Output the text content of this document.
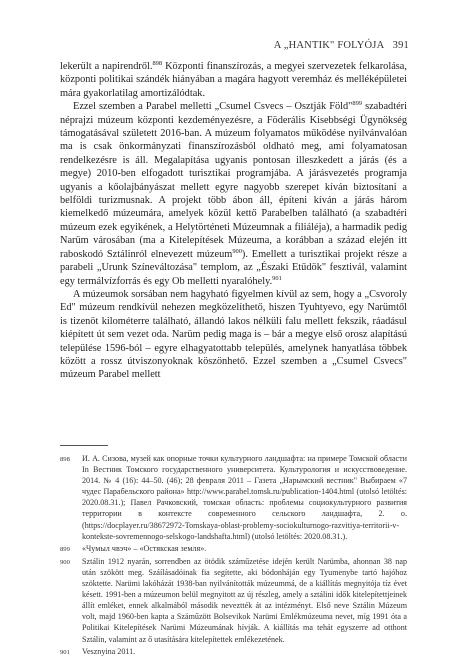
A „HANTIK" FOLYÓJA 391

lekerült a napirendről.$^{898}$ Központi finanszírozás, a megyei szervezetek felkarolása, központi politikai szándék hiányában a magára hagyott veremház és melléképületei mára gyakorlatilag amortizálódtak.

Ezzel szemben a Parabel melletti „Csumel Csvecs – Osztják Föld"$^{899}$ szabadtéri néprajzi múzeum központi kezdeményezésre, a Föderális Kisebbségi Ügynökség támogatásával született 2016-ban. A múzeum folyamatos működése nyilvánvalóan ma is csak önkormányzati finanszírozásból oldható meg, ami folyamatosan rendelkezésre is áll. Megalapítása ugyanis pontosan illeszkedett a járás (és a megye) 2010-ben elfogadott turisztikai programjába. A járásvezetés programja ugyanis a kőolajbányászat mellett egyre nagyobb szerepet kíván biztosítani a belföldi turizmusnak. A projekt több ábon áll, építeni kíván a járás három kiemelkedő múzeumára, amelyek közül kettő Parabelben található (a szabadtéri múzeum ezek egyikének, a Helytörténeti Múzeumnak a filiáléja), a harmadik pedig Narüm városában (ma a Kitelepítések Múzeuma, a korábban a század elején itt raboskodó Sztálinról elnevezett múzeum$^{900}$). Emellett a turisztikai projekt része a parabeli „Urunk Színeváltozása" templom, az „Északi Etűdök" fesztivál, valamint egy termálvízforrás és egy Ob melletti nyaralóhely.$^{901}$

A múzeumok sorsában nem hagyható figyelmen kívül az sem, hogy a „Csvoroly Ed" múzeum rendkívül nehezen megközelíthető, hiszen Tyuhtyevo, egy Narümtől is tizenöt kilométerre található, állandó lakos nélküli falu mellett fekszik, ráadásul kiépített út sem vezet oda. Narüm pedig maga is – bár a megye első orosz alapítású települése 1596-ból – egyre elhagyatottabb település, amelynek hanyatlása többek között a rossz útviszonyoknak köszönhető. Ezzel szemben a „Csumel Csvecs" múzeum Parabel mellett

898	И. А. Сизова, музей как опорные точки культурного ландшафта: на примере Томской области In Вестник Томского государственного университета. Культурология и искусствоведение. 2014. № 4 (16): 44–50. (46); 28 февраля 2011 – Газета „Нарымский вестник" Выбираем «7 чудес Парабельского района» http://www.parabel.tomsk.ru/publication-1404.html (utolsó letöltés: 2020.08.31.); Павел Рачковский, томская область: проблемы социокультурного развития территории в контексте современного сельского ландшафта, 2. o. (https://docplayer.ru/38672972-Tomskaya-oblast-problemy-sociokulturnogo-razvitiya-territorii-v-kontekste-sovremennogo-selskogo-landshafta.html) (utolsó letöltés: 2020.08.31.).
899	«Чумыл чвэч» – «Остякская земля».
900	Sztálin 1912 nyarán, sorrendben az ötödik száműzetése idején került Narümba, ahonnan 38 nap után szökött meg. Száílásadóinak fia segítette, aki bódonháján egy Tyumenybe tartó hajóhoz szöktette. Narümi lakóházát 1938-ban nyilvánították múzeummá, de a kiállítás megnyitója tíz évet késett. 1991-ben a múzeumon belül megnyitott az új részleg, amely a sztálini idők kitelepítettjeinek állít emléket, ennek alkalmából második neveztték át az intézményt. Első neve Sztálin Múzeum volt, majd 1960-ben kapta a Száműzött Bolsevikok Narümi Emlékmúzeuma nevet, míg 1991 óta a Politikai Kitelepítések Narümi Múzeumának hívják. A kiállítás ma tehát egyszerre ad otthont Sztálin, valamint az ő utasítására kitelepítettek emlékezetének.
901	Vesznyina 2011.
